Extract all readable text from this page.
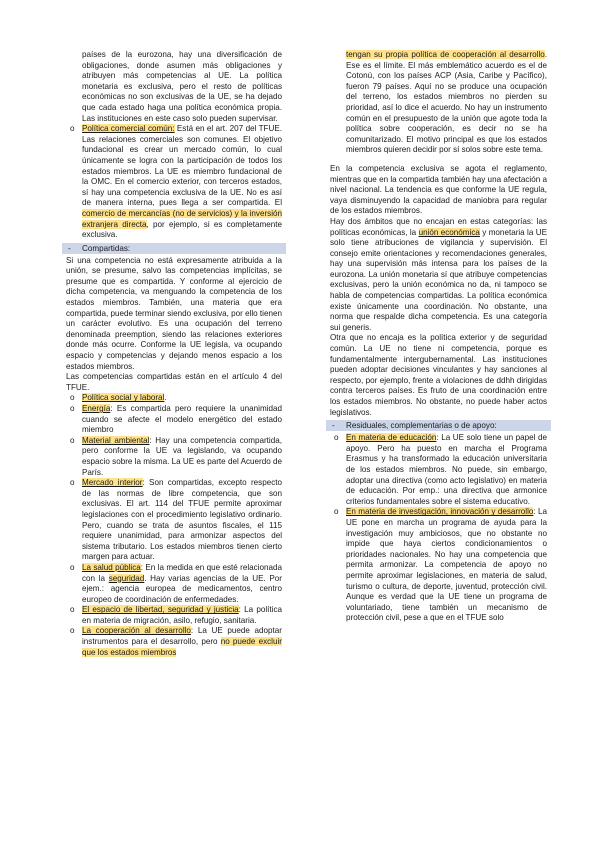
países de la eurozona, hay una diversificación de obligaciones, donde asumen más obligaciones y atribuyen más competencias al UE. La política monetaria es exclusiva, pero el resto de políticas económicas no son exclusivas de la UE, se ha dejado que cada estado haga una política económica propia. Las instituciones en este caso solo pueden supervisar.

o Política comercial común: Está en el art. 207 del TFUE. Las relaciones comerciales son comunes. El objetivo fundacional es crear un mercado común, lo cual únicamente se logra con la participación de todos los estados miembros. La UE es miembro fundacional de la OMC. En el comercio exterior, con terceros estados, sí hay una competencia exclusiva de la UE. No es así de manera interna, pues llega a ser compartida. El comercio de mercancías (no de servicios) y la inversión extranjera directa, por ejemplo, si es completamente exclusiva.
- Compartidas:

Si una competencia no está expresamente atribuida a la unión, se presume, salvo las competencias implícitas, se presume que es compartida. Y conforme al ejercicio de dicha competencia, va menguando la competencia de los estados miembros. También, una materia que era compartida, puede terminar siendo exclusiva, por ello tienen un carácter evolutivo. Es una ocupación del terreno denominada preemption, siendo las relaciones exteriores donde más ocurre. Conforme la UE legisla, va ocupando espacio y competencias y dejando menos espacio a los estados miembros.

Las competencias compartidas están en el artículo 4 del TFUE.

o Política social y laboral.
o Energía: Es compartida pero requiere la unanimidad cuando se afecte el modelo energético del estado miembro
o Material ambiental: Hay una competencia compartida, pero conforme la UE va legislando, va ocupando espacio sobre la misma. La UE es parte del Acuerdo de París.
o Mercado interior: Son compartidas, excepto respecto de las normas de libre competencia, que son exclusivas. El art. 114 del TFUE permite aproximar legislaciones con el procedimiento legislativo ordinario. Pero, cuando se trata de asuntos fiscales, el 115 requiere unanimidad, para armonizar aspectos del sistema tributario. Los estados miembros tienen cierto margen para actuar.
o La salud pública: En la medida en que esté relacionada con la seguridad. Hay varias agencias de la UE. Por ejem.: agencia europea de medicamentos, centro europeo de coordinación de enfermedades.
o El espacio de libertad, seguridad y justicia: La política en materia de migración, asilo, refugio, sanitaria.
o La cooperación al desarrollo: La UE puede adoptar instrumentos para el desarrollo, pero no puede excluir que los estados miembros

tengan su propia política de cooperación al desarrollo. Ese es el límite. El más emblemático acuerdo es el de Cotonú, con los países ACP (Asia, Caribe y Pacífico), fueron 79 países. Aquí no se produce una ocupación del terreno, los estados miembros no pierden su prioridad, así lo dice el acuerdo. No hay un instrumento común en el presupuesto de la unión que agote toda la política sobre cooperación, es decir no se ha comunitarizado. El motivo principal es que los estados miembros quieren decidir por sí solos sobre este tema.

En la competencia exclusiva se agota el reglamento, mientras que en la compartida también hay una afectación a nivel nacional. La tendencia es que conforme la UE regula, vaya disminuyendo la capacidad de maniobra para regular de los estados miembros.

Hay dos ámbitos que no encajan en estas categorías: las políticas económicas, la unión económica y monetaria la UE solo tiene atribuciones de vigilancia y supervisión. El consejo emite orientaciones y recomendaciones generales, hay una supervisión más intensa para los países de la eurozona. La unión monetaria sí que atribuye competencias exclusivas, pero la unión económica no da, ni tampoco se habla de competencias compartidas. La política económica existe únicamente una coordinación. No obstante, una norma que respalde dicha competencia. Es una categoría sui generis.

Otra que no encaja es la política exterior y de seguridad común. La UE no tiene ni competencia, porque es fundamentalmente intergubernamental. Las instituciones pueden adoptar decisiones vinculantes y hay sanciones al respecto, por ejemplo, frente a violaciones de ddhh dirigidas contra terceros países. Es fruto de una coordinación entre los estados miembros. No obstante, no puede haber actos legislativos.

- Residuales, complementarias o de apoyo:
o En materia de educación: La UE solo tiene un papel de apoyo. Pero ha puesto en marcha el Programa Erasmus y ha transformado la educación universitaria de los estados miembros. No puede, sin embargo, adoptar una directiva (como acto legislativo) en materia de educación. Por emp.: una directiva que armonice criterios fundamentales sobre el sistema educativo.
o En materia de investigación, innovación y desarrollo: La UE pone en marcha un programa de ayuda para la investigación muy ambiciosos, que no obstante no impide que haya ciertos condicionamientos o prioridades nacionales. No hay una competencia que permita armonizar. La competencia de apoyo no permite aproximar legislaciones, en materia de salud, turismo o cultura, de deporte, juventud, protección civil. Aunque es verdad que la UE tiene un programa de voluntariado, tiene también un mecanismo de protección civil, pese a que en el TFUE solo
